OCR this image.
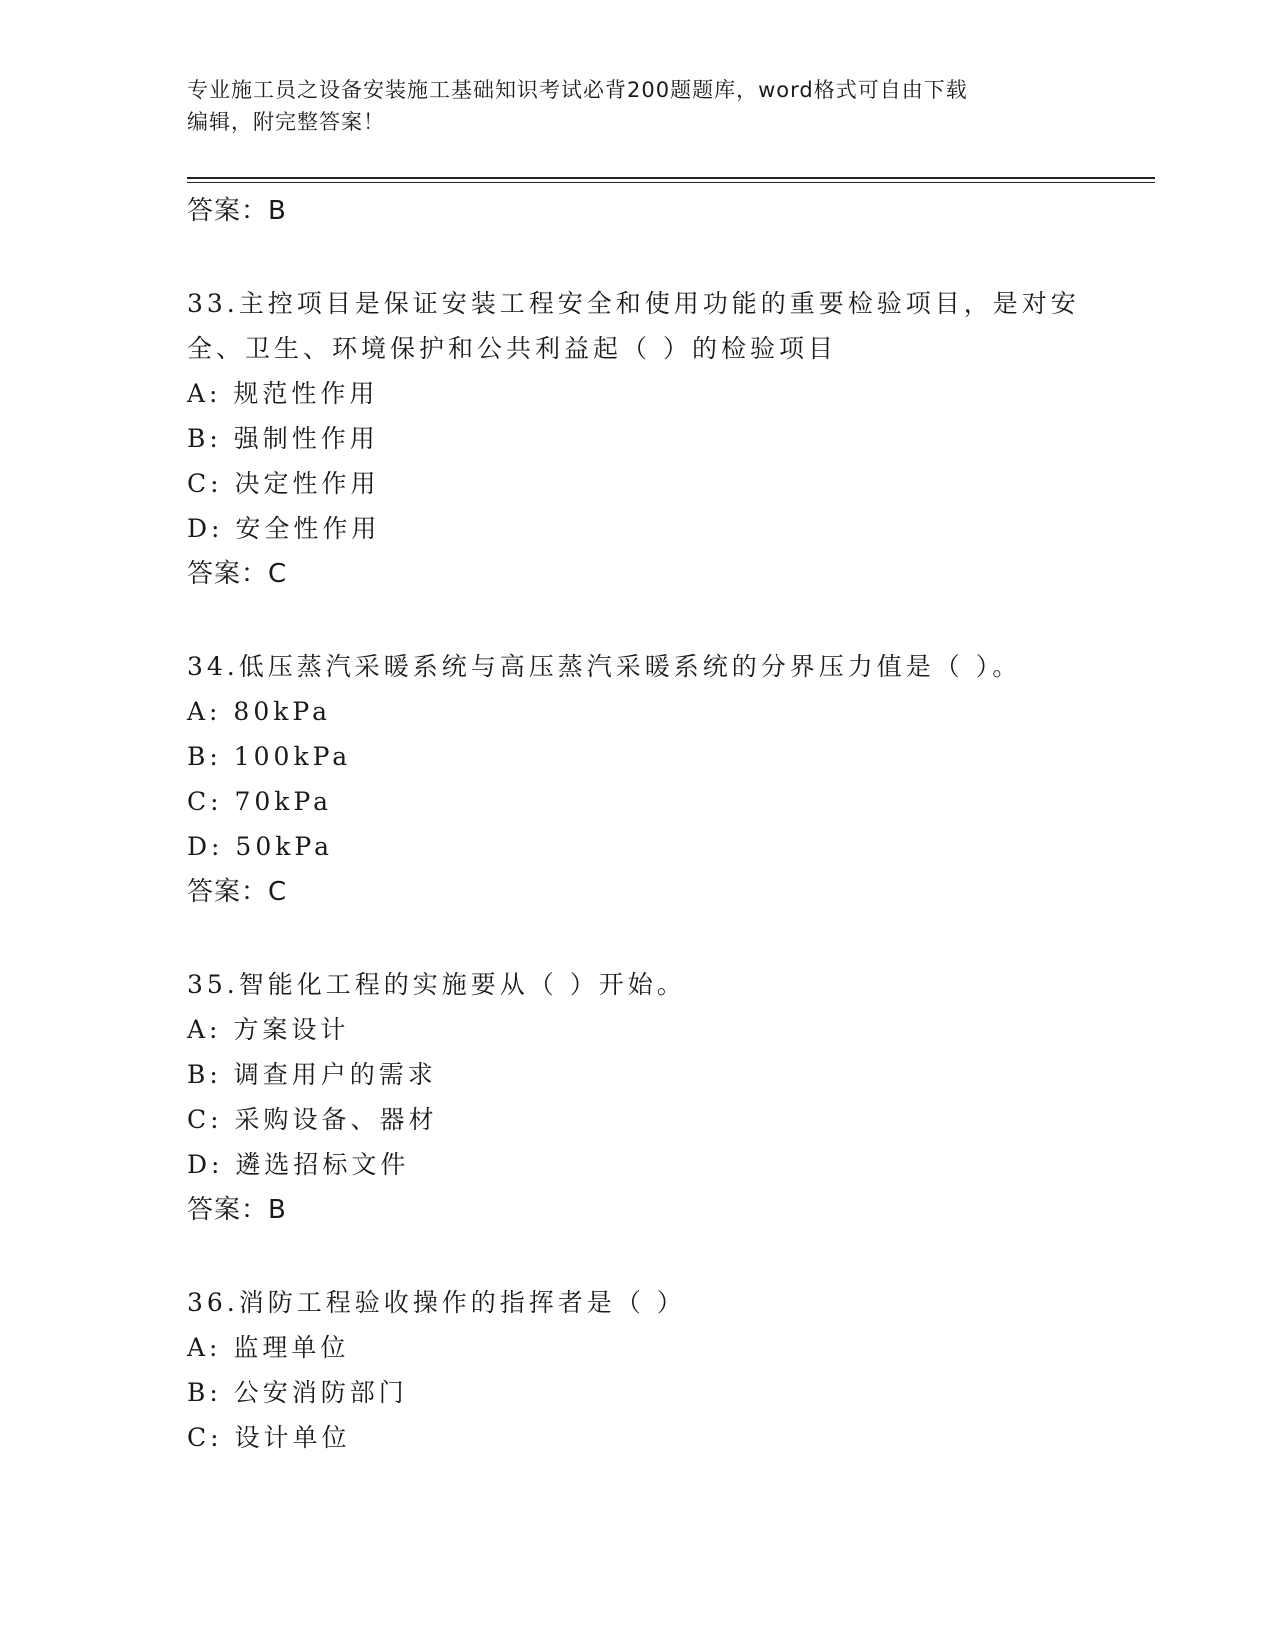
专业施工员之设备安装施工基础知识考试必背200题题库，word格式可自由下载
编辑，附完整答案！
答案：B
33.主控项目是保证安装工程安全和使用功能的重要检验项目，是对安
全、卫生、环境保护和公共利益起（ ）的检验项目
A: 规范性作用
B: 强制性作用
C: 决定性作用
D: 安全性作用
答案：C
34.低压蒸汽采暖系统与高压蒸汽采暖系统的分界压力值是（ ）。
A: 80kPa
B: 100kPa
C: 70kPa
D: 50kPa
答案：C
35.智能化工程的实施要从（ ）开始。
A: 方案设计
B: 调查用户的需求
C: 采购设备、器材
D: 遴选招标文件
答案：B
36.消防工程验收操作的指挥者是（ ）
A: 监理单位
B: 公安消防部门
C: 设计单位
